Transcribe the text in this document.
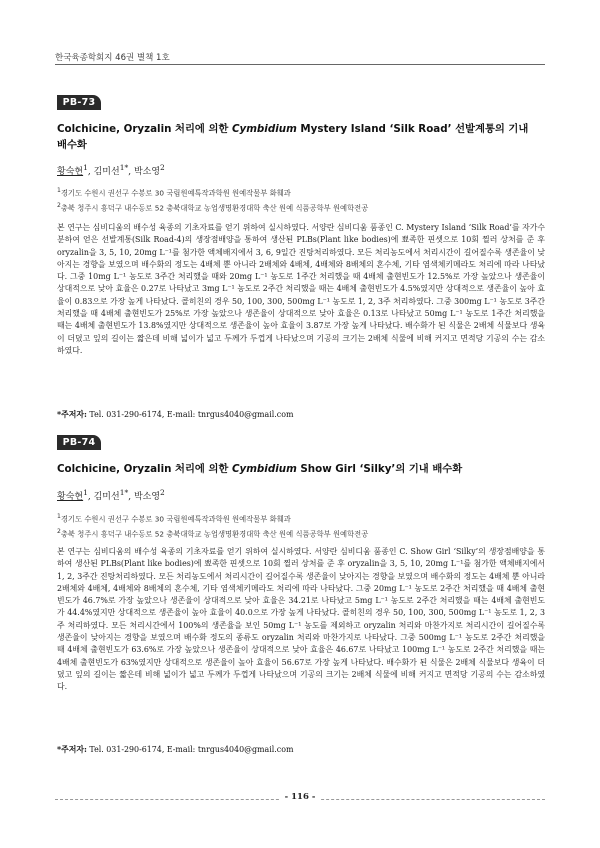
한국육종학회지 46권 별책 1호
PB-73
Colchicine, Oryzalin 처리에 의한 Cymbidium Mystery Island ‘Silk Road’ 선발계통의 기내
배수화
황숙현$^1$, 김미선$^{1*}$, 박소영$^2$
$^1$경기도 수원시 권선구 수봉로 30 국립원예특작과학원 원예작물부 화훼과
$^2$충북 청주시 흥덕구 내수동로 52 충북대학교 농업생명환경대학 축산 원예 식품공학부 원예학전공

본 연구는 심비디움의 배수성 육종의 기초자료를 얻기 위하여 실시하였다. 서양란 심비디움 품종인 C. Mystery Island ‘Silk Road’를 자가수분하여 얻은 선발계통(Silk Road-4)의 생장점배양을 통하여 생산된 PLBs(Plant like bodies)에 뾰족한 핀셋으로 10회 찔러 상처를 준 후 oryzalin을 3, 5, 10, 20mg L⁻¹를 첨가한 액체배지에서 3, 6, 9일간 진탕처리하였다. 모든 처리농도에서 처리시간이 길어질수록 생존율이 낮아지는 경향을 보였으며 배수화의 정도는 4배체 뿐 아니라 2배체와 4배체, 4배체와 8배체의 혼수체, 기타 염색체키메라도 처리에 따라 나타났다. 그중 10mg L⁻¹ 농도로 3주간 처리했을 때와 20mg L⁻¹ 농도로 1주간 처리했을 때 4배체 출현빈도가 12.5%로 가장 높았으나 생존율이 상대적으로 낮아 효율은 0.27로 나타났고 3mg L⁻¹ 농도로 2주간 처리했을 때는 4배체 출현빈도가 4.5%였지만 상대적으로 생존율이 높아 효율이 0.83으로 가장 높게 나타났다. 콜히친의 경우 50, 100, 300, 500mg L⁻¹ 농도로 1, 2, 3주 처리하였다. 그중 300mg L⁻¹ 농도로 3주간 처리했을 때 4배체 출현빈도가 25%로 가장 높았으나 생존율이 상대적으로 낮아 효율은 0.13로 나타났고 50mg L⁻¹ 농도로 1주간 처리했을 때는 4배체 출현빈도가 13.8%였지만 상대적으로 생존율이 높아 효율이 3.87로 가장 높게 나타났다. 배수화가 된 식물은 2배체 식물보다 생육이 더뎠고 잎의 길이는 짧은데 비해 넓이가 넓고 두께가 두껍게 나타났으며 기공의 크기는 2배체 식물에 비해 커지고 면적당 기공의 수는 감소하였다.

*주저자: Tel. 031-290-6174, E-mail: tnrgus4040@gmail.com
PB-74
Colchicine, Oryzalin 처리에 의한 Cymbidium Show Girl ‘Silky’의 기내 배수화
황숙현$^1$, 김미선$^{1*}$, 박소영$^2$
$^1$경기도 수원시 권선구 수봉로 30 국립원예특작과학원 원예작물부 화훼과
$^2$충북 청주시 흥덕구 내수동로 52 충북대학교 농업생명환경대학 축산 원예 식품공학부 원예학전공

본 연구는 심비디움의 배수성 육종의 기초자료를 얻기 위하여 실시하였다. 서양란 심비디움 품종인 C. Show Girl ‘Silky’의 생장점배양을 통하여 생산된 PLBs(Plant like bodies)에 뾰족한 핀셋으로 10회 찔러 상처를 준 후 oryzalin을 3, 5, 10, 20mg L⁻¹를 첨가한 액체배지에서 1, 2, 3주간 진탕처리하였다. 모든 처리농도에서 처리시간이 길어질수록 생존율이 낮아지는 경향을 보였으며 배수화의 정도는 4배체 뿐 아니라 2배체와 4배체, 4배체와 8배체의 혼수체, 기타 염색체키메라도 처리에 따라 나타났다. 그중 20mg L⁻¹ 농도로 2주간 처리했을 때 4배체 출현빈도가 46.7%로 가장 높았으나 생존율이 상대적으로 낮아 효율은 34.21로 나타났고 5mg L⁻¹ 농도로 2주간 처리했을 때는 4배체 출현빈도가 44.4%였지만 상대적으로 생존율이 높아 효율이 40.0으로 가장 높게 나타났다. 콜히친의 경우 50, 100, 300, 500mg L⁻¹ 농도로 1, 2, 3주 처리하였다. 모든 처리시간에서 100%의 생존율을 보인 50mg L⁻¹ 농도를 제외하고 oryzalin 처리와 마찬가지로 처리시간이 길어질수록 생존율이 낮아지는 경향을 보였으며 배수화 정도의 종류도 oryzalin 처리와 마찬가지로 나타났다. 그중 500mg L⁻¹ 농도로 2주간 처리했을 때 4배체 출현빈도가 63.6%로 가장 높았으나 생존율이 상대적으로 낮아 효율은 46.67로 나타났고 100mg L⁻¹ 농도로 2주간 처리했을 때는 4배체 출현빈도가 63%였지만 상대적으로 생존율이 높아 효율이 56.67로 가장 높게 나타났다. 배수화가 된 식물은 2배체 식물보다 생육이 더뎠고 잎의 길이는 짧은데 비해 넓이가 넓고 두께가 두껍게 나타났으며 기공의 크기는 2배체 식물에 비해 커지고 면적당 기공의 수는 감소하였다.

*주저자: Tel. 031-290-6174, E-mail: tnrgus4040@gmail.com
- 116 -
